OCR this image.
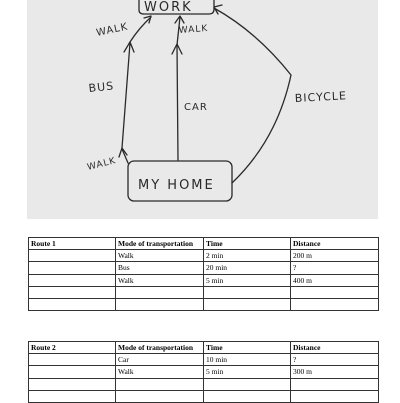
WALK	WALK
WORK
BUS
CAR
BICYCLE
WALK
MY HOME
Route 1	Mode of transportation	Time	Distance
	Walk	2 min	200 m
	Bus	20 min	?
	Walk	5 min	400 m

Route 2	Mode of transportation	Time	Distance
	Car	10 min	?
	Walk	5 min	300 m
